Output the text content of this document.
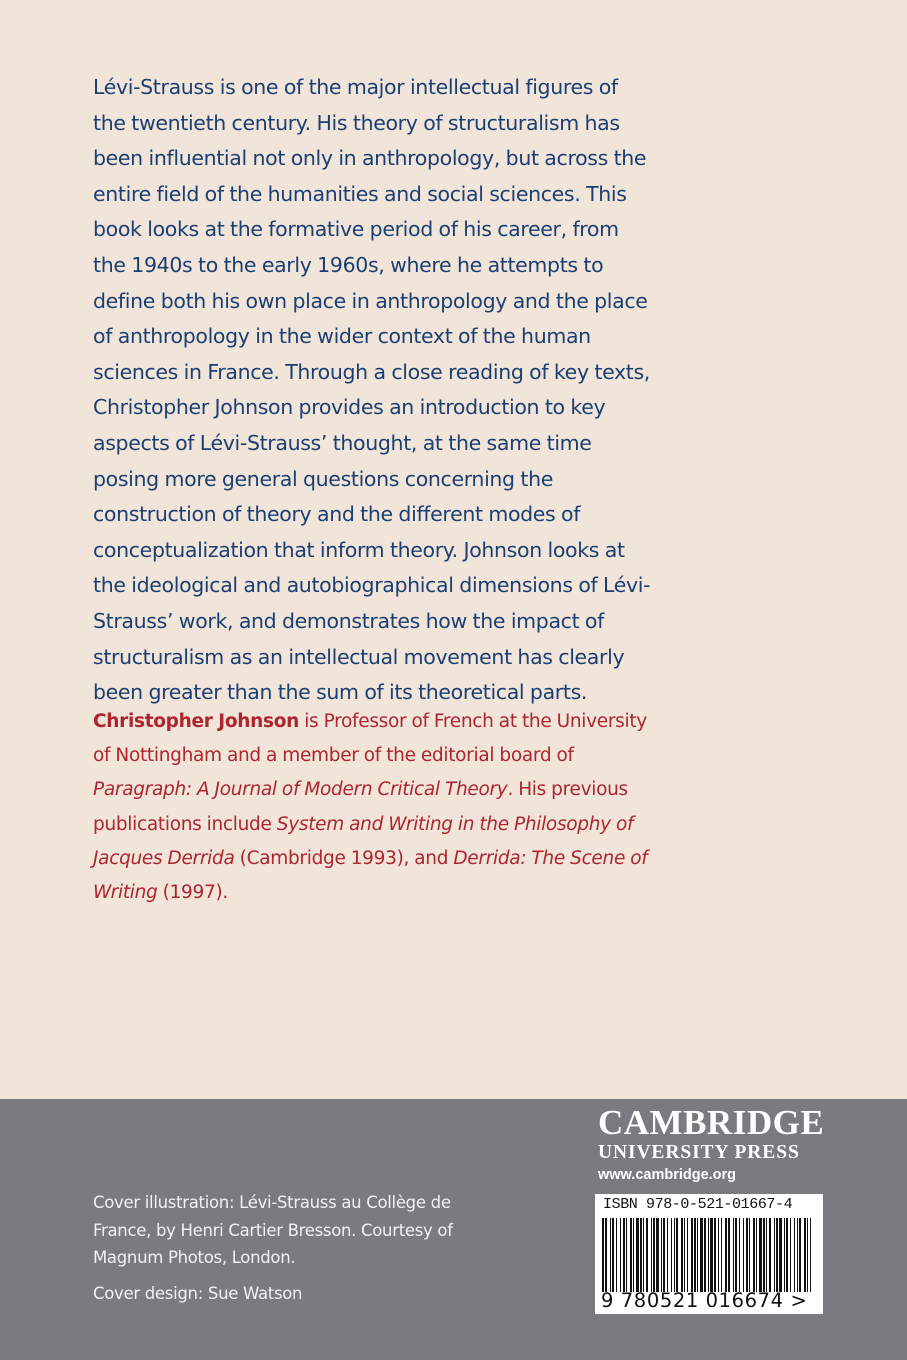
Lévi-Strauss is one of the major intellectual figures of the twentieth century. His theory of structuralism has been influential not only in anthropology, but across the entire field of the humanities and social sciences. This book looks at the formative period of his career, from the 1940s to the early 1960s, where he attempts to define both his own place in anthropology and the place of anthropology in the wider context of the human sciences in France. Through a close reading of key texts, Christopher Johnson provides an introduction to key aspects of Lévi-Strauss’ thought, at the same time posing more general questions concerning the construction of theory and the different modes of conceptualization that inform theory. Johnson looks at the ideological and autobiographical dimensions of Lévi-Strauss’ work, and demonstrates how the impact of structuralism as an intellectual movement has clearly been greater than the sum of its theoretical parts.

Christopher Johnson is Professor of French at the University of Nottingham and a member of the editorial board of Paragraph: A Journal of Modern Critical Theory. His previous publications include System and Writing in the Philosophy of Jacques Derrida (Cambridge 1993), and Derrida: The Scene of Writing (1997).

Cover illustration: Lévi-Strauss au Collège de France, by Henri Cartier Bresson. Courtesy of Magnum Photos, London.

Cover design: Sue Watson

CAMBRIDGE
UNIVERSITY PRESS
www.cambridge.org
ISBN 978-0-521-01667-4
9 780521 016674 >
